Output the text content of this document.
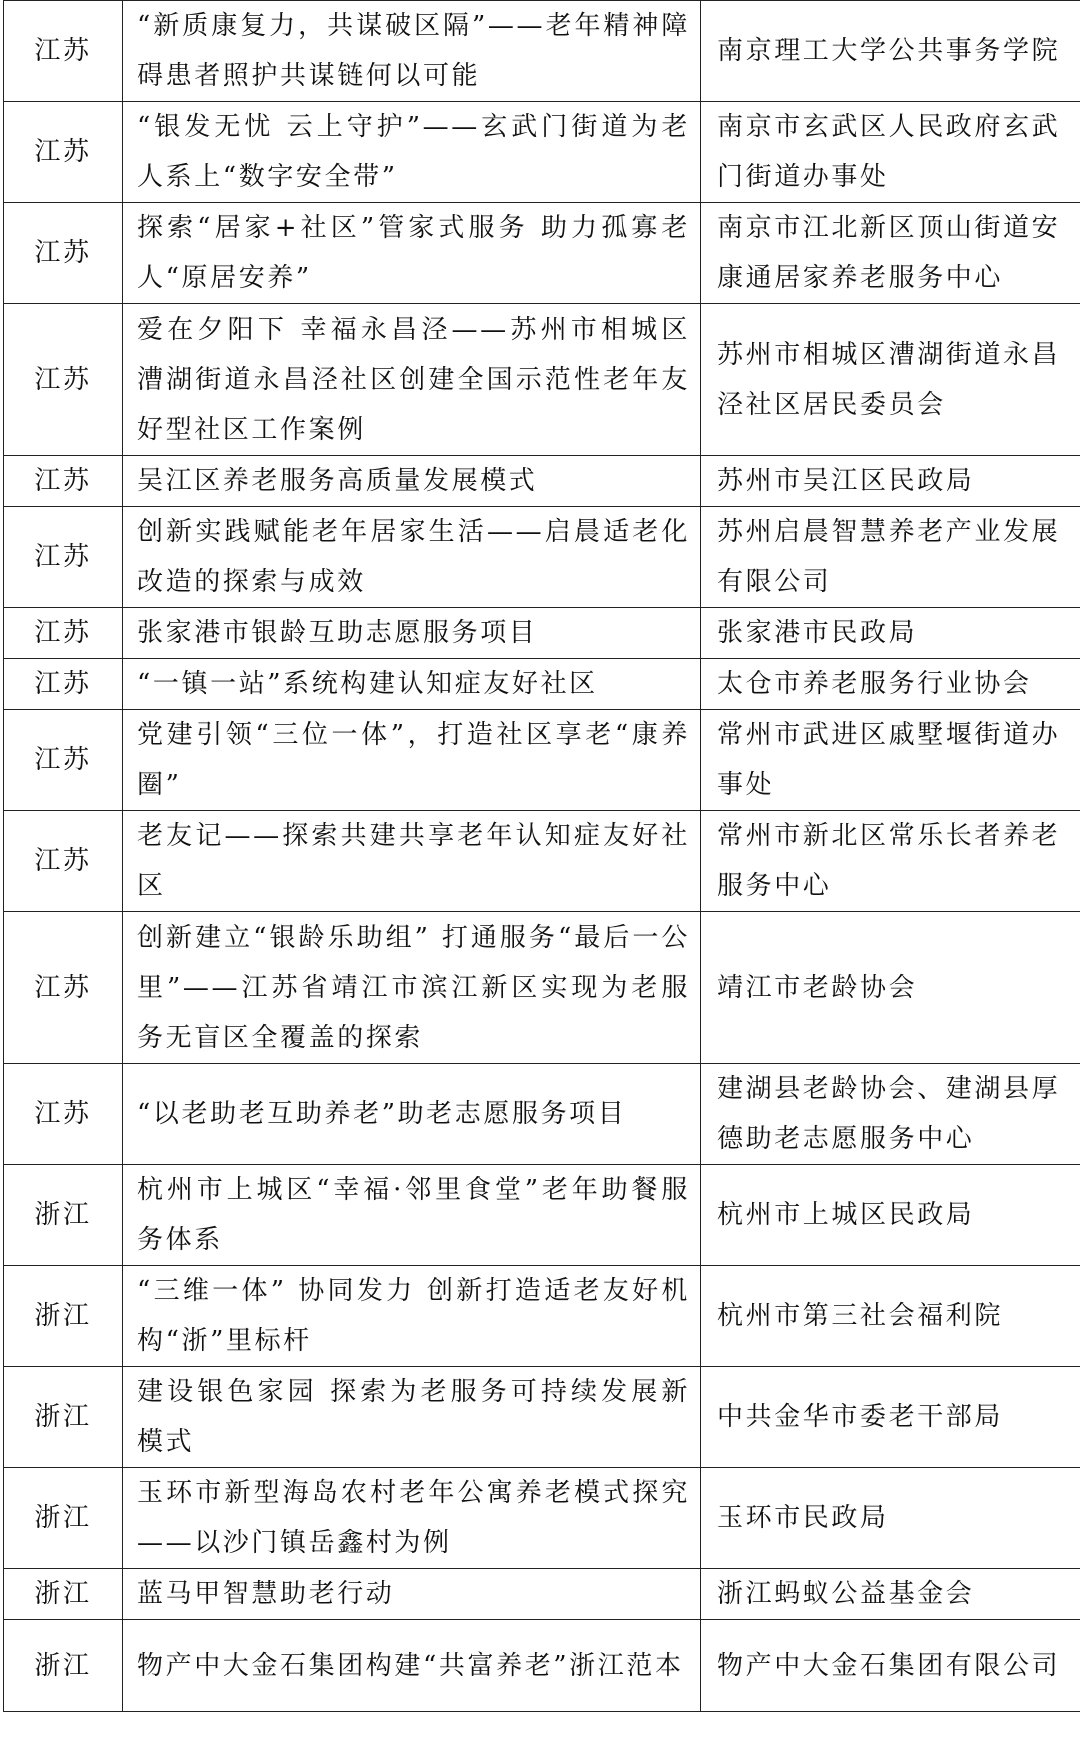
江苏	“新质康复力，共谋破区隔”——老年精神障碍患者照护共谋链何以可能	南京理工大学公共事务学院
江苏	“银发无忧 云上守护”——玄武门街道为老人系上“数字安全带”	南京市玄武区人民政府玄武门街道办事处
江苏	探索“居家+社区”管家式服务 助力孤寡老人“原居安养”	南京市江北新区顶山街道安康通居家养老服务中心
江苏	爱在夕阳下 幸福永昌泾——苏州市相城区漕湖街道永昌泾社区创建全国示范性老年友好型社区工作案例	苏州市相城区漕湖街道永昌泾社区居民委员会
江苏	吴江区养老服务高质量发展模式	苏州市吴江区民政局
江苏	创新实践赋能老年居家生活——启晨适老化改造的探索与成效	苏州启晨智慧养老产业发展有限公司
江苏	张家港市银龄互助志愿服务项目	张家港市民政局
江苏	“一镇一站”系统构建认知症友好社区	太仓市养老服务行业协会
江苏	党建引领“三位一体”，打造社区享老“康养圈”	常州市武进区戚墅堰街道办事处
江苏	老友记——探索共建共享老年认知症友好社区	常州市新北区常乐长者养老服务中心
江苏	创新建立“银龄乐助组” 打通服务“最后一公里”——江苏省靖江市滨江新区实现为老服务无盲区全覆盖的探索	靖江市老龄协会
江苏	“以老助老互助养老”助老志愿服务项目	建湖县老龄协会、建湖县厚德助老志愿服务中心
浙江	杭州市上城区“幸福·邻里食堂”老年助餐服务体系	杭州市上城区民政局
浙江	“三维一体” 协同发力 创新打造适老友好机构“浙”里标杆	杭州市第三社会福利院
浙江	建设银色家园 探索为老服务可持续发展新模式	中共金华市委老干部局
浙江	玉环市新型海岛农村老年公寓养老模式探究——以沙门镇岳鑫村为例	玉环市民政局
浙江	蓝马甲智慧助老行动	浙江蚂蚁公益基金会
浙江	物产中大金石集团构建“共富养老”浙江范本	物产中大金石集团有限公司
